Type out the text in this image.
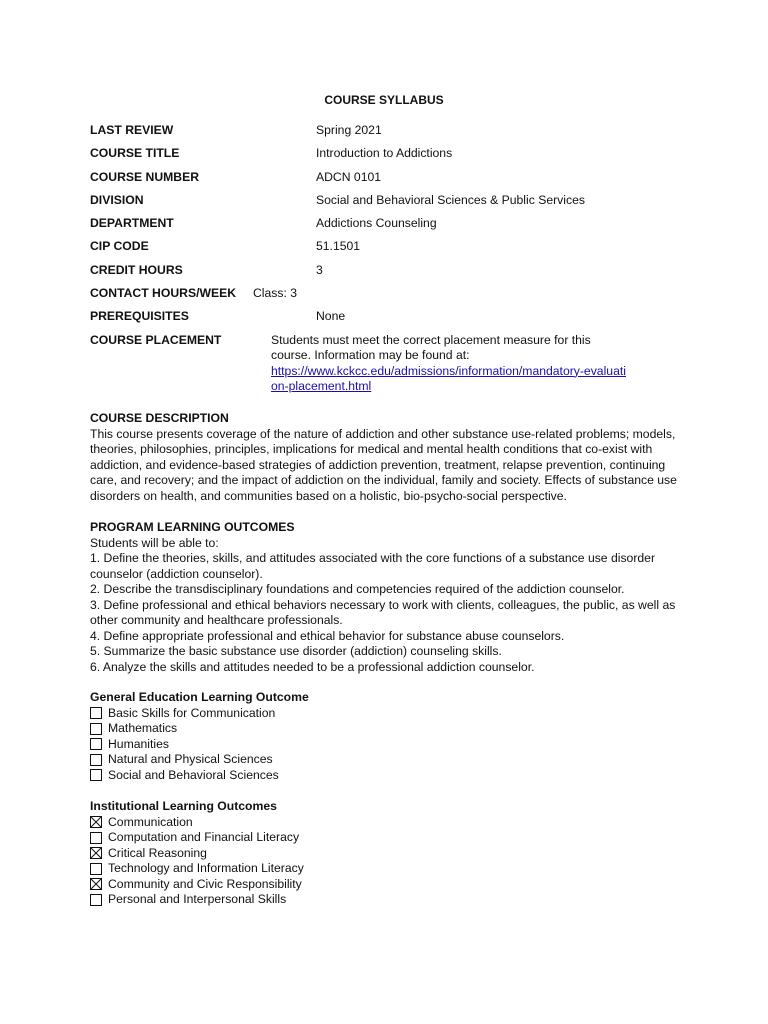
COURSE SYLLABUS
LAST REVIEW	Spring 2021
COURSE TITLE	Introduction to Addictions
COURSE NUMBER	ADCN 0101
DIVISION	Social and Behavioral Sciences & Public Services
DEPARTMENT	Addictions Counseling
CIP CODE	51.1501
CREDIT HOURS	3
CONTACT HOURS/WEEK Class: 3
PREREQUISITES	None
COURSE PLACEMENT	Students must meet the correct placement measure for this course. Information may be found at:
https://www.kckcc.edu/admissions/information/mandatory-evaluation-placement.html
COURSE DESCRIPTION

This course presents coverage of the nature of addiction and other substance use-related problems; models, theories, philosophies, principles, implications for medical and mental health conditions that co-exist with addiction, and evidence-based strategies of addiction prevention, treatment, relapse prevention, continuing care, and recovery; and the impact of addiction on the individual, family and society. Effects of substance use disorders on health, and communities based on a holistic, bio-psycho-social perspective.

PROGRAM LEARNING OUTCOMES

Students will be able to:

1. Define the theories, skills, and attitudes associated with the core functions of a substance use disorder counselor (addiction counselor).

2. Describe the transdisciplinary foundations and competencies required of the addiction counselor.

3. Define professional and ethical behaviors necessary to work with clients, colleagues, the public, as well as other community and healthcare professionals.

4. Define appropriate professional and ethical behavior for substance abuse counselors.

5. Summarize the basic substance use disorder (addiction) counseling skills.

6. Analyze the skills and attitudes needed to be a professional addiction counselor.

General Education Learning Outcome
Basic Skills for Communication
Mathematics
Humanities
Natural and Physical Sciences
Social and Behavioral Sciences
Institutional Learning Outcomes
Communication
Computation and Financial Literacy
Critical Reasoning
Technology and Information Literacy
Community and Civic Responsibility
Personal and Interpersonal Skills
